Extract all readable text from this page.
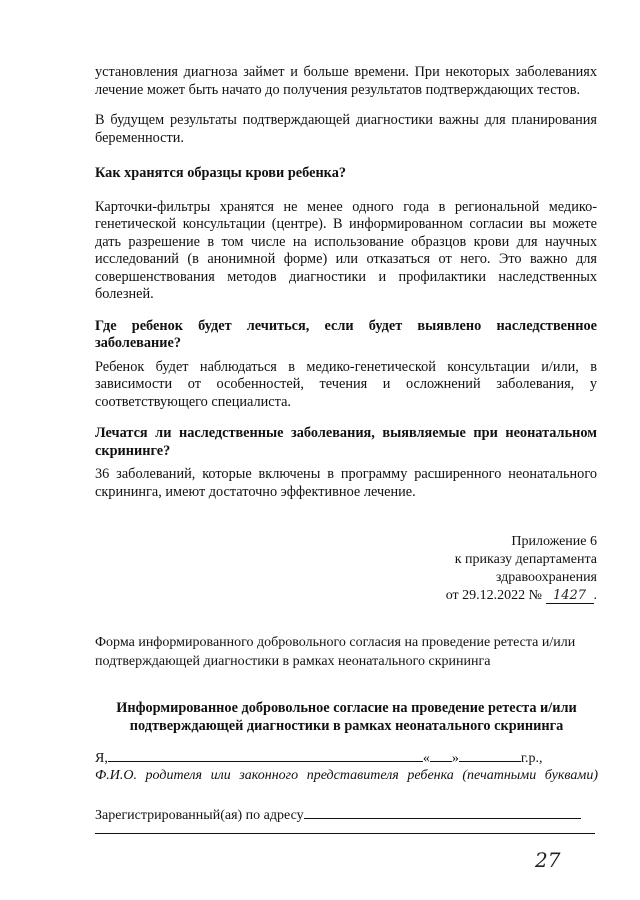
установления диагноза займет и больше времени. При некоторых заболеваниях лечение может быть начато до получения результатов подтверждающих тестов.

В будущем результаты подтверждающей диагностики важны для планирования беременности.

Как хранятся образцы крови ребенка?

Карточки-фильтры хранятся не менее одного года в региональной медико-генетической консультации (центре). В информированном согласии вы можете дать разрешение в том числе на использование образцов крови для научных исследований (в анонимной форме) или отказаться от него. Это важно для совершенствования методов диагностики и профилактики наследственных болезней.

Где ребенок будет лечиться, если будет выявлено наследственное заболевание?

Ребенок будет наблюдаться в медико-генетической консультации и/или, в зависимости от особенностей, течения и осложнений заболевания, у соответствующего специалиста.

Лечатся ли наследственные заболевания, выявляемые при неонатальном скрининге?

36 заболеваний, которые включены в программу расширенного неонатального скрининга, имеют достаточно эффективное лечение.

Приложение 6
к приказу департамента
здравоохранения
от 29.12.2022 № 1427 .
Форма информированного добровольного согласия на проведение ретеста и/или подтверждающей диагностики в рамках неонатального скрининга
Информированное добровольное согласие на проведение ретеста и/или подтверждающей диагностики в рамках неонатального скрининга
Я,	« »	г.р.,

Ф.И.О. родителя или законного представителя ребенка (печатными буквами)

Зарегистрированный(ая) по адресу
27
